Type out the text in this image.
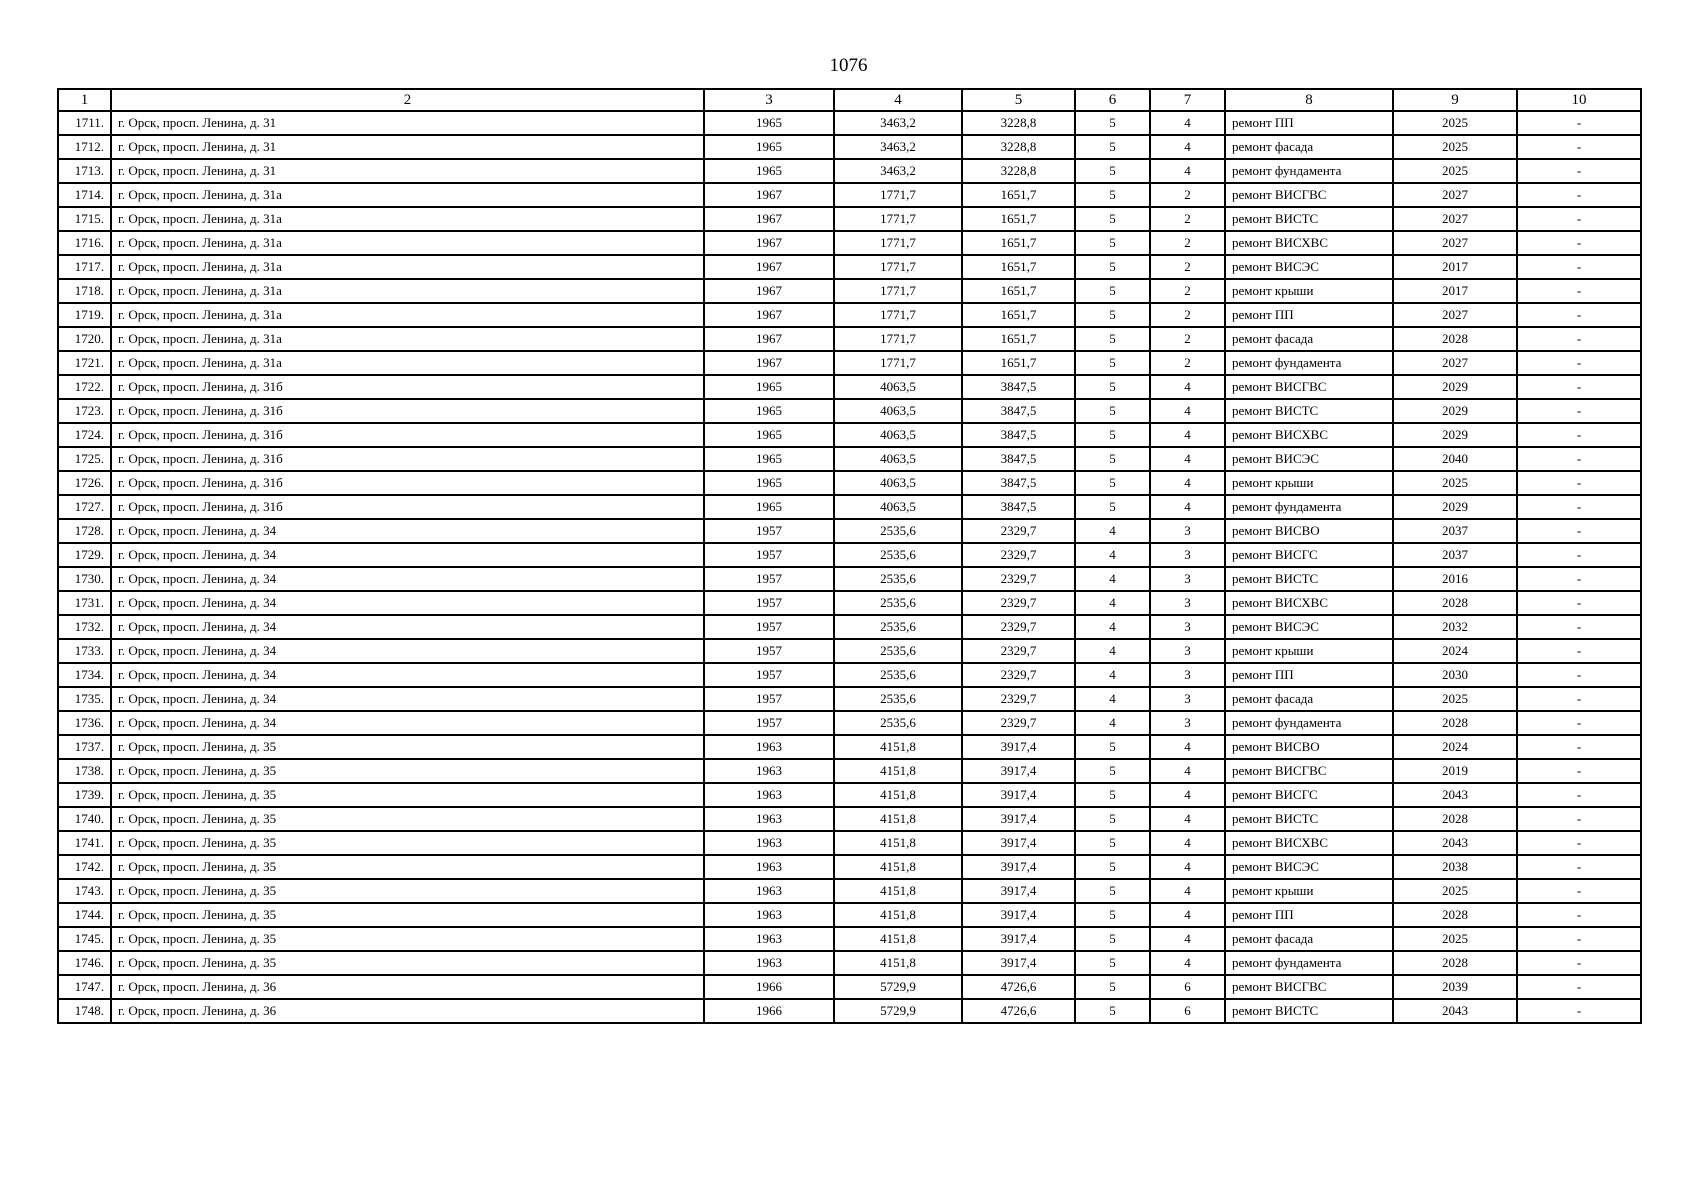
1076
1	2	3	4	5	6	7	8	9	10
1711.	г. Орск, просп. Ленина, д. 31	1965	3463,2	3228,8	5	4	ремонт ПП	2025	-
1712.	г. Орск, просп. Ленина, д. 31	1965	3463,2	3228,8	5	4	ремонт фасада	2025	-
1713.	г. Орск, просп. Ленина, д. 31	1965	3463,2	3228,8	5	4	ремонт фундамента	2025	-
1714.	г. Орск, просп. Ленина, д. 31а	1967	1771,7	1651,7	5	2	ремонт ВИСГВС	2027	-
1715.	г. Орск, просп. Ленина, д. 31а	1967	1771,7	1651,7	5	2	ремонт ВИСТС	2027	-
1716.	г. Орск, просп. Ленина, д. 31а	1967	1771,7	1651,7	5	2	ремонт ВИСХВС	2027	-
1717.	г. Орск, просп. Ленина, д. 31а	1967	1771,7	1651,7	5	2	ремонт ВИСЭС	2017	-
1718.	г. Орск, просп. Ленина, д. 31а	1967	1771,7	1651,7	5	2	ремонт крыши	2017	-
1719.	г. Орск, просп. Ленина, д. 31а	1967	1771,7	1651,7	5	2	ремонт ПП	2027	-
1720.	г. Орск, просп. Ленина, д. 31а	1967	1771,7	1651,7	5	2	ремонт фасада	2028	-
1721.	г. Орск, просп. Ленина, д. 31а	1967	1771,7	1651,7	5	2	ремонт фундамента	2027	-
1722.	г. Орск, просп. Ленина, д. 31б	1965	4063,5	3847,5	5	4	ремонт ВИСГВС	2029	-
1723.	г. Орск, просп. Ленина, д. 31б	1965	4063,5	3847,5	5	4	ремонт ВИСТС	2029	-
1724.	г. Орск, просп. Ленина, д. 31б	1965	4063,5	3847,5	5	4	ремонт ВИСХВС	2029	-
1725.	г. Орск, просп. Ленина, д. 31б	1965	4063,5	3847,5	5	4	ремонт ВИСЭС	2040	-
1726.	г. Орск, просп. Ленина, д. 31б	1965	4063,5	3847,5	5	4	ремонт крыши	2025	-
1727.	г. Орск, просп. Ленина, д. 31б	1965	4063,5	3847,5	5	4	ремонт фундамента	2029	-
1728.	г. Орск, просп. Ленина, д. 34	1957	2535,6	2329,7	4	3	ремонт ВИСВО	2037	-
1729.	г. Орск, просп. Ленина, д. 34	1957	2535,6	2329,7	4	3	ремонт ВИСГС	2037	-
1730.	г. Орск, просп. Ленина, д. 34	1957	2535,6	2329,7	4	3	ремонт ВИСТС	2016	-
1731.	г. Орск, просп. Ленина, д. 34	1957	2535,6	2329,7	4	3	ремонт ВИСХВС	2028	-
1732.	г. Орск, просп. Ленина, д. 34	1957	2535,6	2329,7	4	3	ремонт ВИСЭС	2032	-
1733.	г. Орск, просп. Ленина, д. 34	1957	2535,6	2329,7	4	3	ремонт крыши	2024	-
1734.	г. Орск, просп. Ленина, д. 34	1957	2535,6	2329,7	4	3	ремонт ПП	2030	-
1735.	г. Орск, просп. Ленина, д. 34	1957	2535,6	2329,7	4	3	ремонт фасада	2025	-
1736.	г. Орск, просп. Ленина, д. 34	1957	2535,6	2329,7	4	3	ремонт фундамента	2028	-
1737.	г. Орск, просп. Ленина, д. 35	1963	4151,8	3917,4	5	4	ремонт ВИСВО	2024	-
1738.	г. Орск, просп. Ленина, д. 35	1963	4151,8	3917,4	5	4	ремонт ВИСГВС	2019	-
1739.	г. Орск, просп. Ленина, д. 35	1963	4151,8	3917,4	5	4	ремонт ВИСГС	2043	-
1740.	г. Орск, просп. Ленина, д. 35	1963	4151,8	3917,4	5	4	ремонт ВИСТС	2028	-
1741.	г. Орск, просп. Ленина, д. 35	1963	4151,8	3917,4	5	4	ремонт ВИСХВС	2043	-
1742.	г. Орск, просп. Ленина, д. 35	1963	4151,8	3917,4	5	4	ремонт ВИСЭС	2038	-
1743.	г. Орск, просп. Ленина, д. 35	1963	4151,8	3917,4	5	4	ремонт крыши	2025	-
1744.	г. Орск, просп. Ленина, д. 35	1963	4151,8	3917,4	5	4	ремонт ПП	2028	-
1745.	г. Орск, просп. Ленина, д. 35	1963	4151,8	3917,4	5	4	ремонт фасада	2025	-
1746.	г. Орск, просп. Ленина, д. 35	1963	4151,8	3917,4	5	4	ремонт фундамента	2028	-
1747.	г. Орск, просп. Ленина, д. 36	1966	5729,9	4726,6	5	6	ремонт ВИСГВС	2039	-
1748.	г. Орск, просп. Ленина, д. 36	1966	5729,9	4726,6	5	6	ремонт ВИСТС	2043	-
